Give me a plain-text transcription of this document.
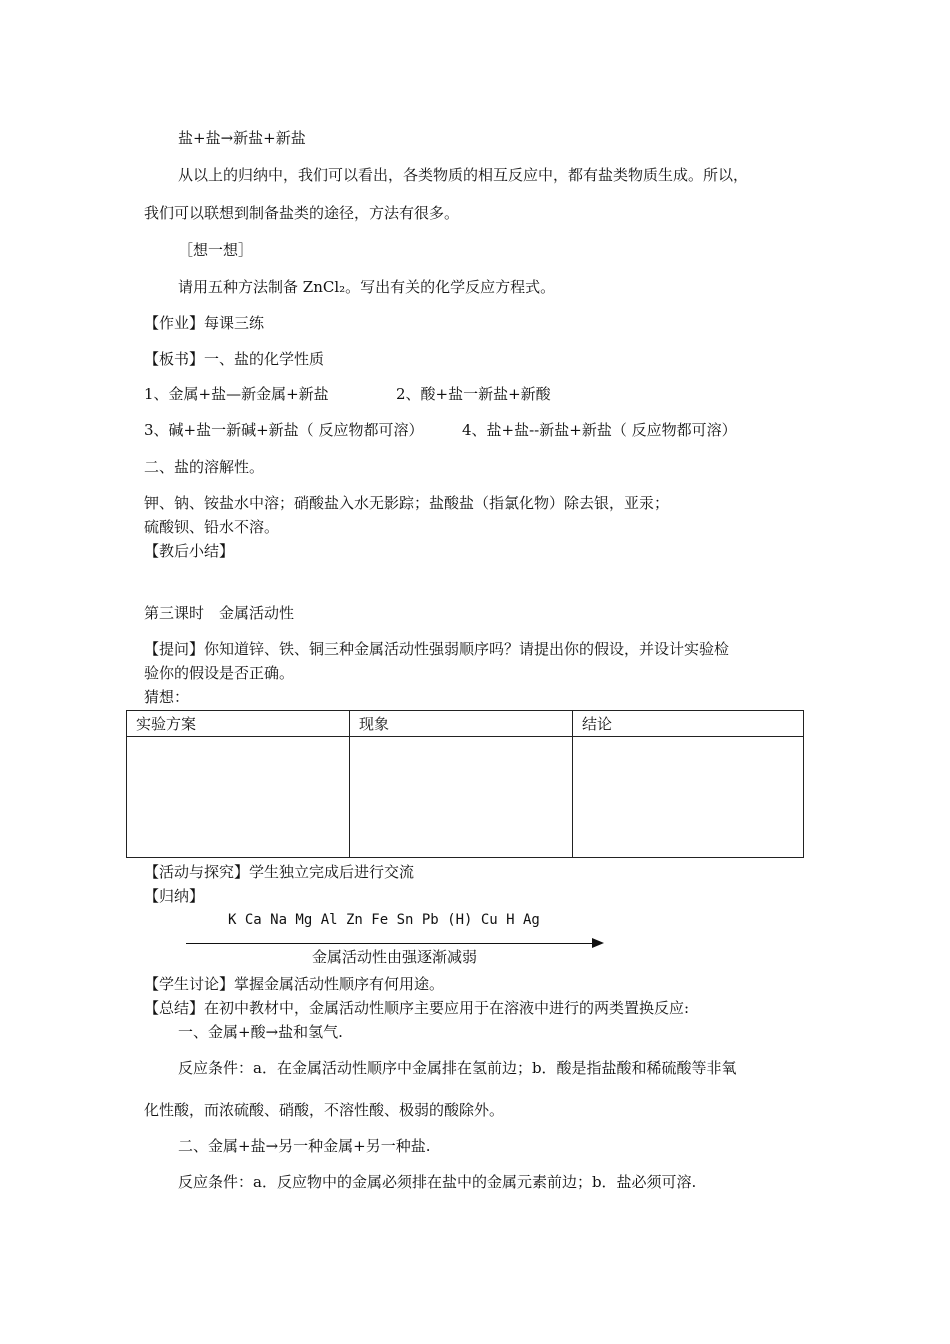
盐+盐→新盐+新盐
从以上的归纳中，我们可以看出，各类物质的相互反应中，都有盐类物质生成。所以，
我们可以联想到制备盐类的途径，方法有很多。
［想一想］
请用五种方法制备 ZnCl₂。写出有关的化学反应方程式。
【作业】每课三练
【板书】一、盐的化学性质
1、金属+盐—新金属+新盐	2、酸+盐一新盐+新酸
3、碱+盐一新碱+新盐（ 反应物都可溶）	4、盐+盐--新盐+新盐（ 反应物都可溶）
二、盐的溶解性。
钾、钠、铵盐水中溶；硝酸盐入水无影踪；盐酸盐（指氯化物）除去银，亚汞；
硫酸钡、铅水不溶。
【教后小结】
第三课时　金属活动性
【提问】你知道锌、铁、铜三种金属活动性强弱顺序吗？请提出你的假设，并设计实验检
验你的假设是否正确。
猜想：
实验方案	现象	结论
【活动与探究】学生独立完成后进行交流
【归纳】
K Ca Na Mg Al Zn Fe Sn Pb (H) Cu H Ag
金属活动性由强逐渐减弱
【学生讨论】掌握金属活动性顺序有何用途。
【总结】在初中教材中，金属活动性顺序主要应用于在溶液中进行的两类置换反应:
一、金属+酸→盐和氢气.
反应条件：a．在金属活动性顺序中金属排在氢前边；b．酸是指盐酸和稀硫酸等非氧
化性酸，而浓硫酸、硝酸，不溶性酸、极弱的酸除外。
二、金属+盐→另一种金属+另一种盐.
反应条件：a．反应物中的金属必须排在盐中的金属元素前边；b．盐必须可溶.
